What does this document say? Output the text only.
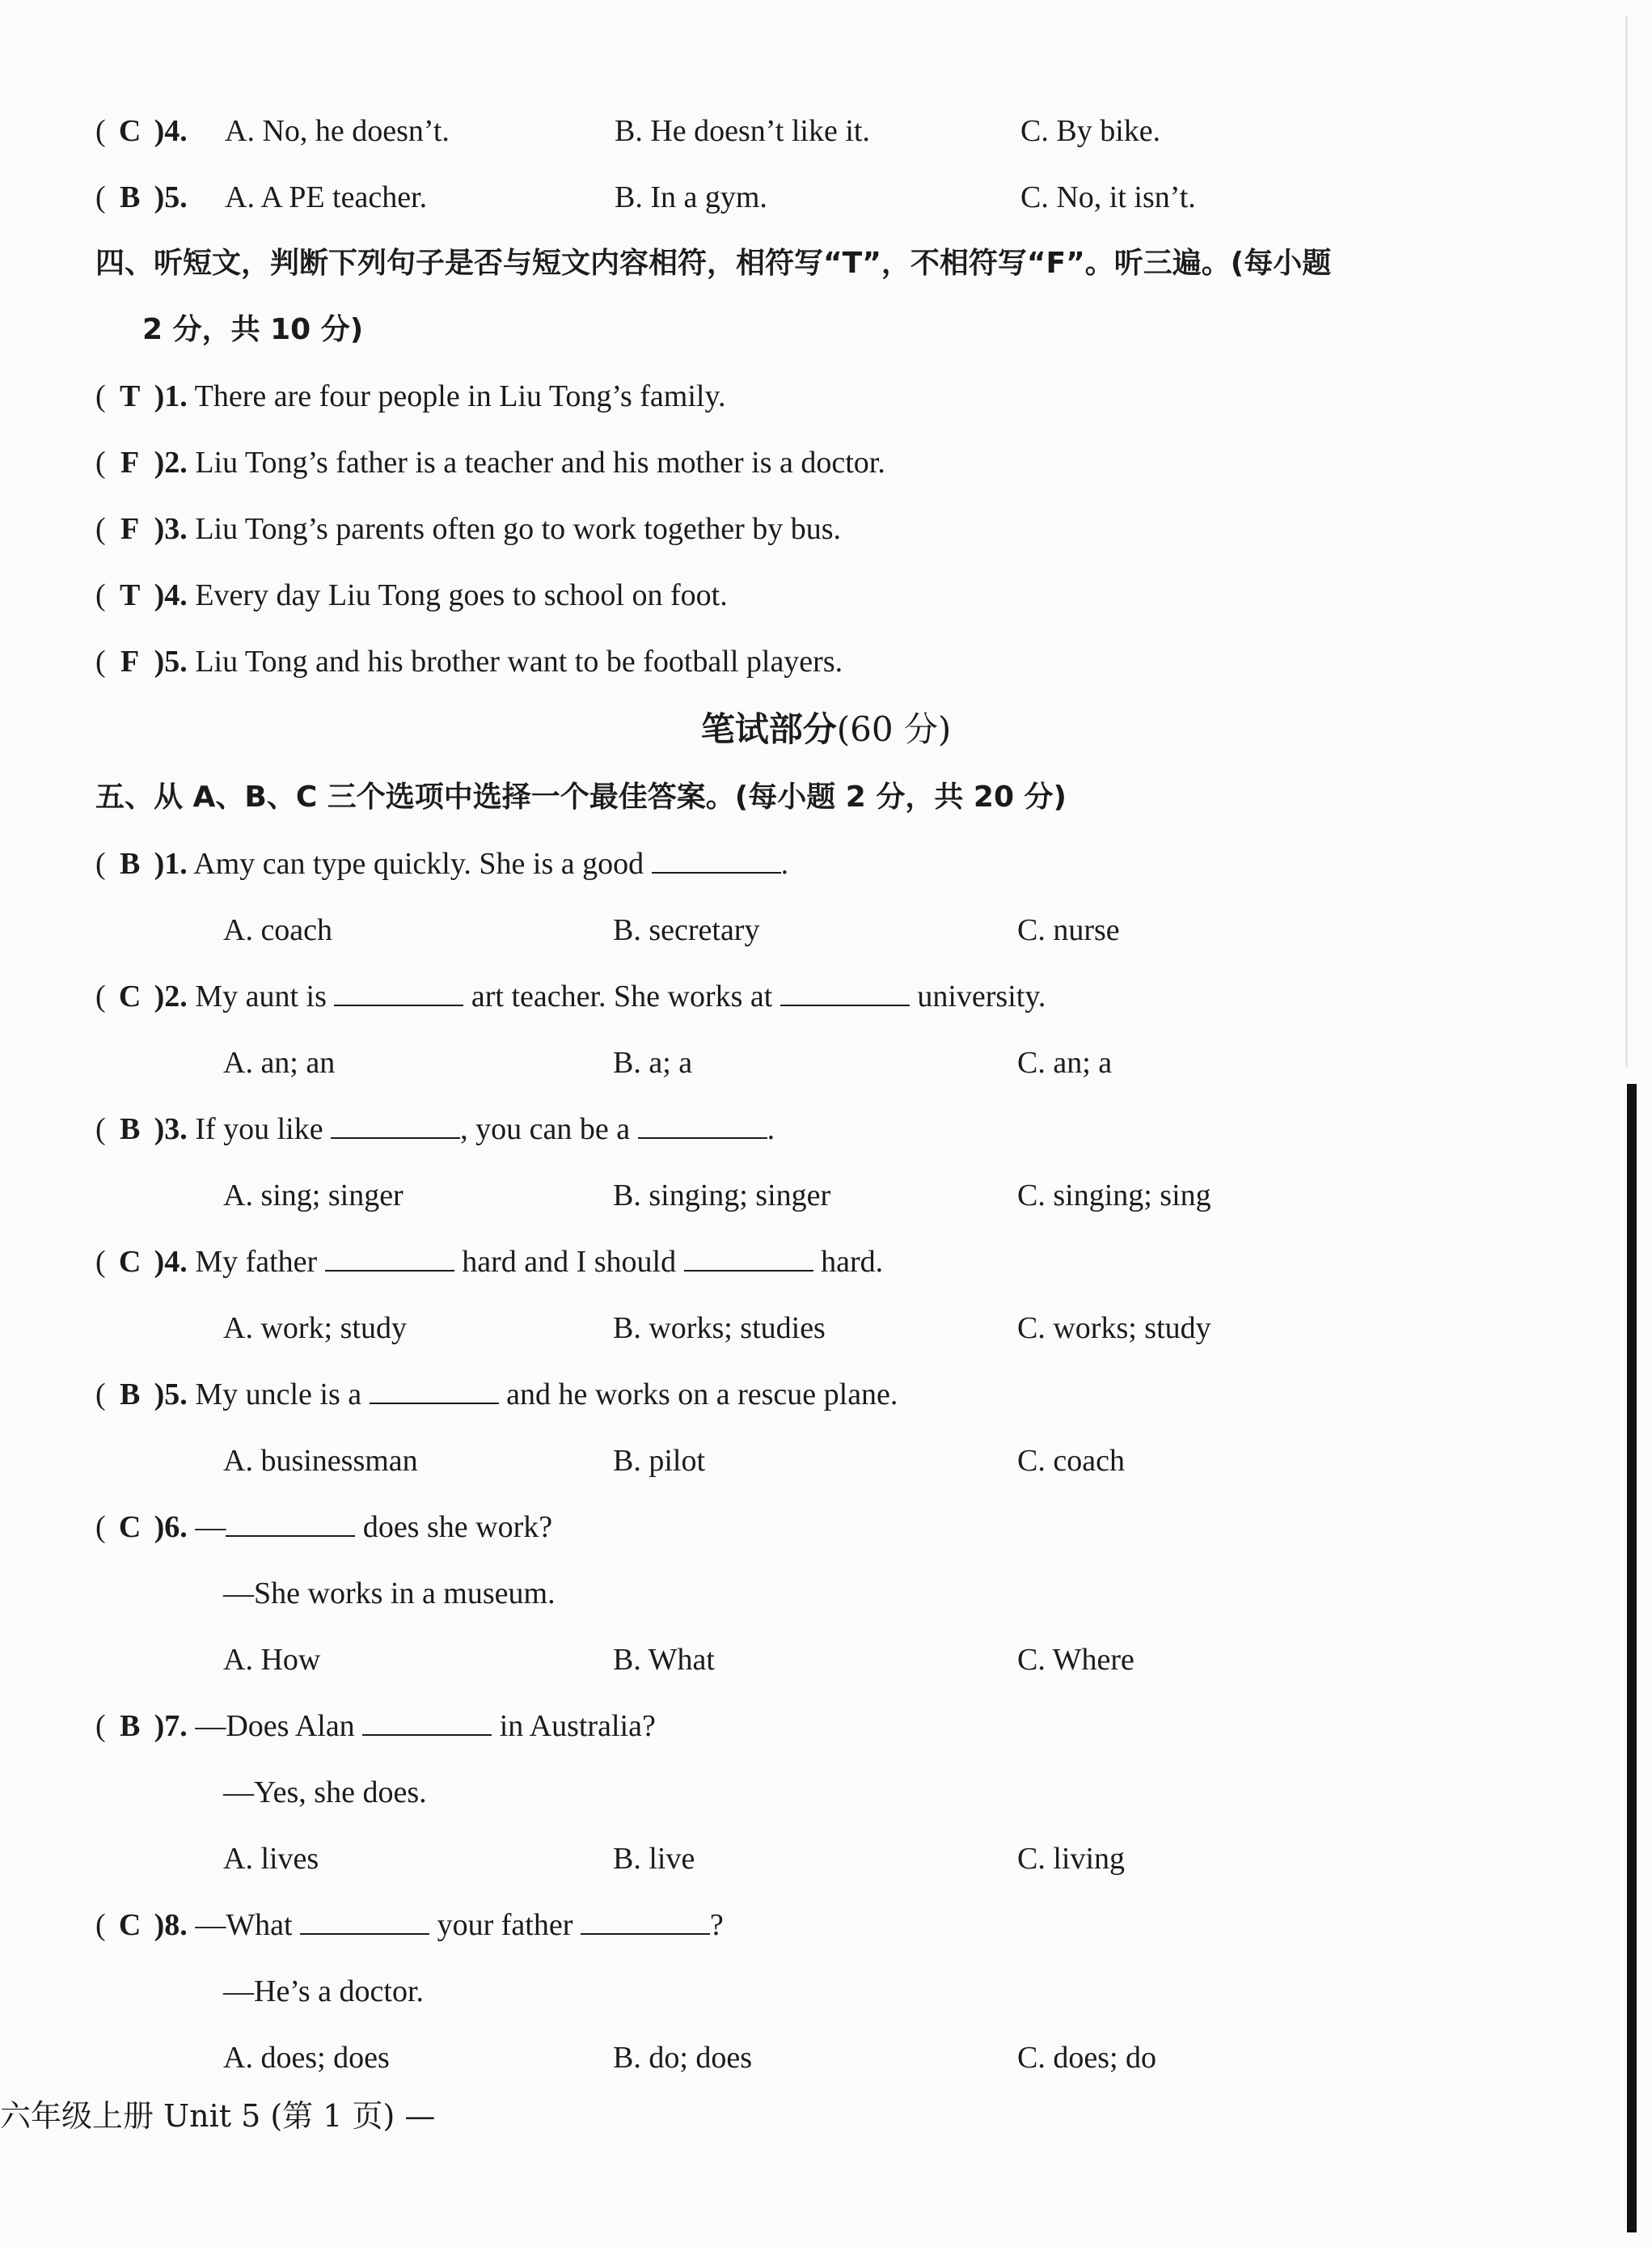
( C )4. A. No, he doesn’t.	B. He doesn’t like it.	C. By bike.
( B )5. A. A PE teacher.	B. In a gym.	C. No, it isn’t.
四、听短文，判断下列句子是否与短文内容相符，相符写“T”，不相符写“F”。听三遍。(每小题
2 分，共 10 分)
( T )1. There are four people in Liu Tong’s family.
( F )2. Liu Tong’s father is a teacher and his mother is a doctor.
( F )3. Liu Tong’s parents often go to work together by bus.
( T )4. Every day Liu Tong goes to school on foot.
( F )5. Liu Tong and his brother want to be football players.
笔试部分(60 分)
五、从 A、B、C 三个选项中选择一个最佳答案。(每小题 2 分，共 20 分)
( B )1. Amy can type quickly. She is a good	.
A. coach	B. secretary	C. nurse
( C )2. My aunt is	art teacher. She works at	university.
A. an; an	B. a; a	C. an; a
( B )3. If you like	, you can be a	.
A. sing; singer	B. singing; singer	C. singing; sing
( C )4. My father	hard and I should	hard.
A. work; study	B. works; studies	C. works; study
( B )5. My uncle is a	and he works on a rescue plane.
A. businessman	B. pilot	C. coach
( C )6. —	does she work?
—She works in a museum.
A. How	B. What	C. Where
( B )7. —Does Alan	in Australia?
—Yes, she does.
A. lives	B. live	C. living
( C )8. —What	your father	?
—He’s a doctor.
A. does; does	B. do; does	C. does; do
六年级上册 Unit 5 (第 1 页) —
